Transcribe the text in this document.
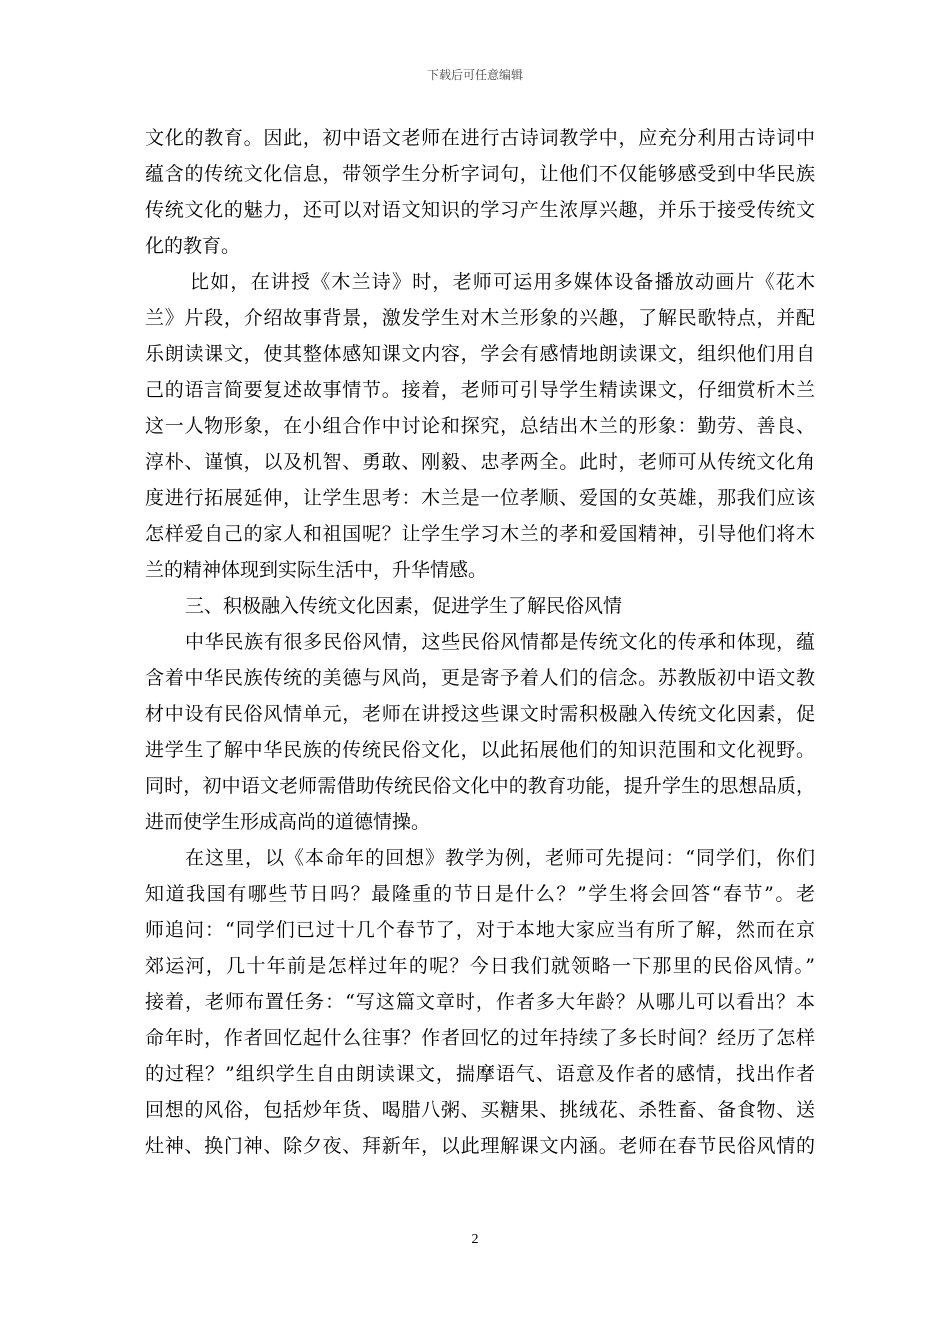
下载后可任意编辑
文化的教育。因此，初中语文老师在进行古诗词教学中，应充分利用古诗词中
蕴含的传统文化信息，带领学生分析字词句，让他们不仅能够感受到中华民族
传统文化的魅力，还可以对语文知识的学习产生浓厚兴趣，并乐于接受传统文
化的教育。
比如，在讲授《木兰诗》时，老师可运用多媒体设备播放动画片《花木
兰》片段，介绍故事背景，激发学生对木兰形象的兴趣，了解民歌特点，并配
乐朗读课文，使其整体感知课文内容，学会有感情地朗读课文，组织他们用自
己的语言简要复述故事情节。接着，老师可引导学生精读课文，仔细赏析木兰
这一人物形象，在小组合作中讨论和探究，总结出木兰的形象：勤劳、善良、
淳朴、谨慎，以及机智、勇敢、刚毅、忠孝两全。此时，老师可从传统文化角
度进行拓展延伸，让学生思考：木兰是一位孝顺、爱国的女英雄，那我们应该
怎样爱自己的家人和祖国呢？让学生学习木兰的孝和爱国精神，引导他们将木
兰的精神体现到实际生活中，升华情感。
三、积极融入传统文化因素，促进学生了解民俗风情
中华民族有很多民俗风情，这些民俗风情都是传统文化的传承和体现，蕴
含着中华民族传统的美德与风尚，更是寄予着人们的信念。苏教版初中语文教
材中设有民俗风情单元，老师在讲授这些课文时需积极融入传统文化因素，促
进学生了解中华民族的传统民俗文化，以此拓展他们的知识范围和文化视野。
同时，初中语文老师需借助传统民俗文化中的教育功能，提升学生的思想品质，
进而使学生形成高尚的道德情操。
在这里，以《本命年的回想》教学为例，老师可先提问：“同学们，你们
知道我国有哪些节日吗？最隆重的节日是什么？”学生将会回答“春节”。老
师追问：“同学们已过十几个春节了，对于本地大家应当有所了解，然而在京
郊运河，几十年前是怎样过年的呢？今日我们就领略一下那里的民俗风情。”
接着，老师布置任务：“写这篇文章时，作者多大年龄？从哪儿可以看出？本
命年时，作者回忆起什么往事？作者回忆的过年持续了多长时间？经历了怎样
的过程？”组织学生自由朗读课文，揣摩语气、语意及作者的感情，找出作者
回想的风俗，包括炒年货、喝腊八粥、买糖果、挑绒花、杀牲畜、备食物、送
灶神、换门神、除夕夜、拜新年，以此理解课文内涵。老师在春节民俗风情的
2
